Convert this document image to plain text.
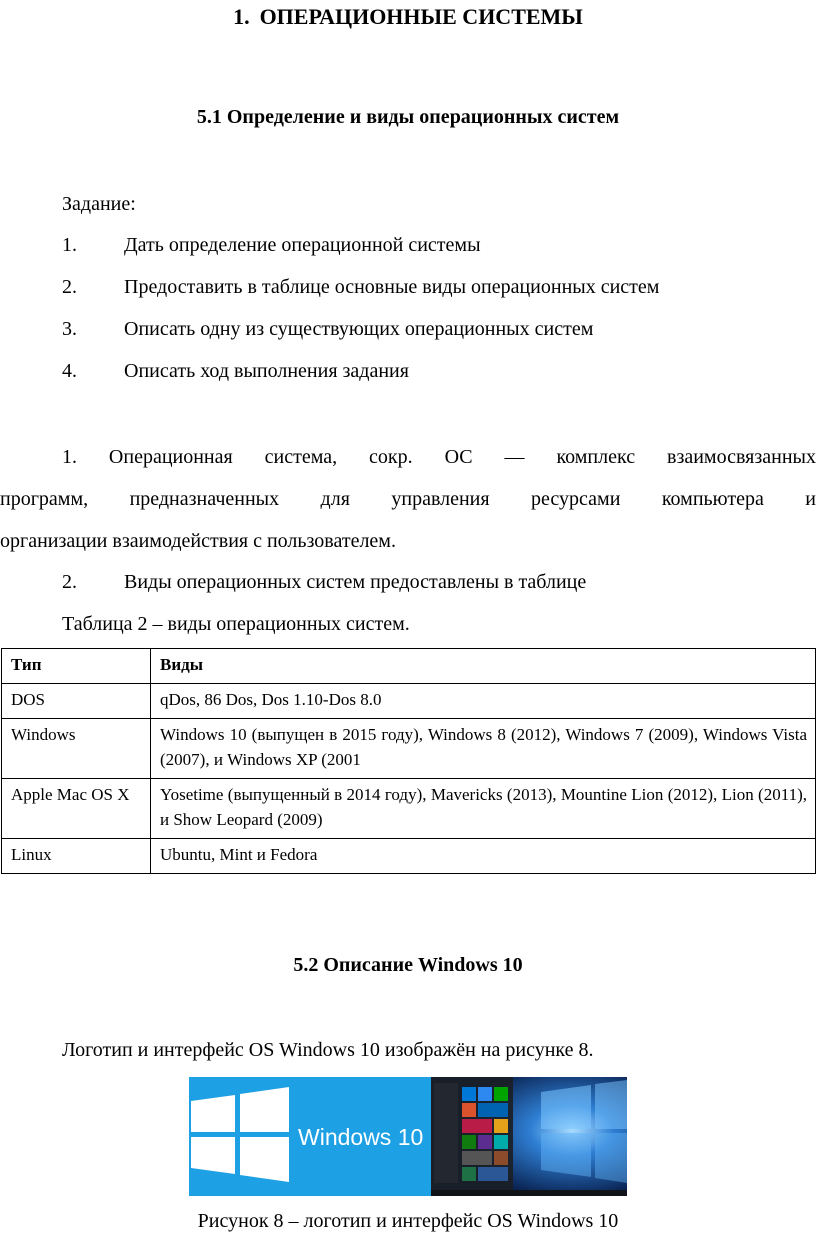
1. ОПЕРАЦИОННЫЕ СИСТЕМЫ
5.1 Определение и виды операционных систем
Задание:
1. Дать определение операционной системы
2. Предоставить в таблице основные виды операционных систем
3. Описать одну из существующих операционных систем
4. Описать ход выполнения задания
1. Операционная система, сокр. ОС — комплекс взаимосвязанных
программ, предназначенных для управления ресурсами компьютера и
организации взаимодействия с пользователем.
2. Виды операционных систем предоставлены в таблице
Таблица 2 – виды операционных систем.
Тип	Виды
DOS	qDos, 86 Dos, Dos 1.10-Dos 8.0
Windows	Windows 10 (выпущен в 2015 году), Windows 8 (2012), Windows 7 (2009), Windows Vista (2007), и Windows XP (2001
Apple Mac OS X	Yosetime (выпущенный в 2014 году), Mavericks (2013), Mountine Lion (2012), Lion (2011), и Show Leopard (2009)
Linux	Ubuntu, Mint и Fedora
5.2 Описание Windows 10
Логотип и интерфейс OS Windows 10 изображён на рисунке 8.
Windows 10
Рисунок 8 – логотип и интерфейс OS Windows 10
